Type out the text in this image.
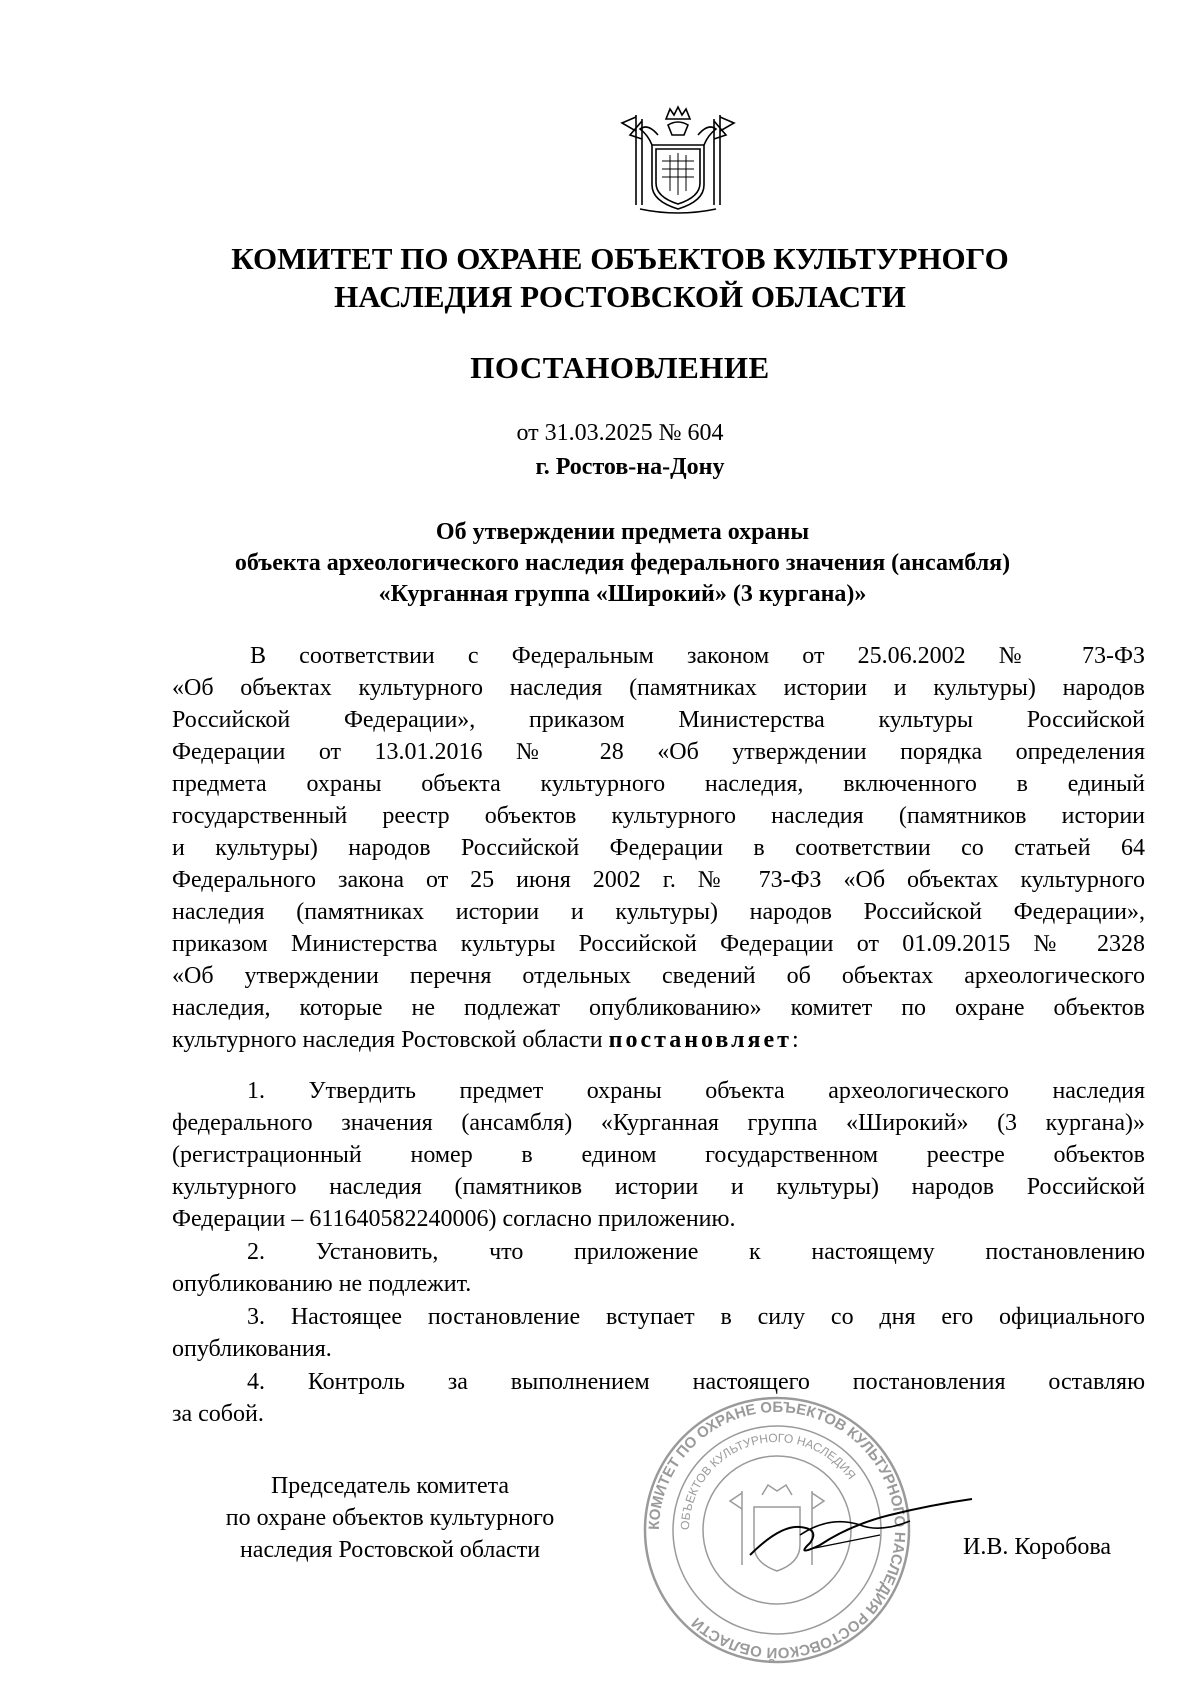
КОМИТЕТ ПО ОХРАНЕ ОБЪЕКТОВ КУЛЬТУРНОГО
НАСЛЕДИЯ РОСТОВСКОЙ ОБЛАСТИ
ПОСТАНОВЛЕНИЕ
от 31.03.2025 № 604
г. Ростов-на-Дону
Об утверждении предмета охраны
объекта археологического наследия федерального значения (ансамбля)
«Курганная группа «Широкий» (3 кургана)»
В соответствии с Федеральным законом от 25.06.2002 № 73-ФЗ
«Об объектах культурного наследия (памятниках истории и культуры) народов
Российской Федерации», приказом Министерства культуры Российской
Федерации от 13.01.2016 № 28 «Об утверждении порядка определения
предмета охраны объекта культурного наследия, включенного в единый
государственный реестр объектов культурного наследия (памятников истории
и культуры) народов Российской Федерации в соответствии со статьей 64
Федерального закона от 25 июня 2002 г. № 73-ФЗ «Об объектах культурного
наследия (памятниках истории и культуры) народов Российской Федерации»,
приказом Министерства культуры Российской Федерации от 01.09.2015 № 2328
«Об утверждении перечня отдельных сведений об объектах археологического
наследия, которые не подлежат опубликованию» комитет по охране объектов
культурного наследия Ростовской области постановляет:
1. Утвердить предмет охраны объекта археологического наследия
федерального значения (ансамбля) «Курганная группа «Широкий» (3 кургана)»
(регистрационный номер в едином государственном реестре объектов
культурного наследия (памятников истории и культуры) народов Российской
Федерации – 611640582240006) согласно приложению.
2. Установить, что приложение к настоящему постановлению
опубликованию не подлежит.
3. Настоящее постановление вступает в силу со дня его официального
опубликования.
4. Контроль за выполнением настоящего постановления оставляю
за собой.
КОМИТЕТ ПО ОХРАНЕ ОБЪЕКТОВ КУЛЬТУРНОГО НАСЛЕДИЯ РОСТОВСКОЙ ОБЛАСТИ
ОБЪЕКТОВ КУЛЬТУРНОГО НАСЛЕДИЯ
Председатель комитета
по охране объектов культурного
наследия Ростовской области	И.В. Коробова
